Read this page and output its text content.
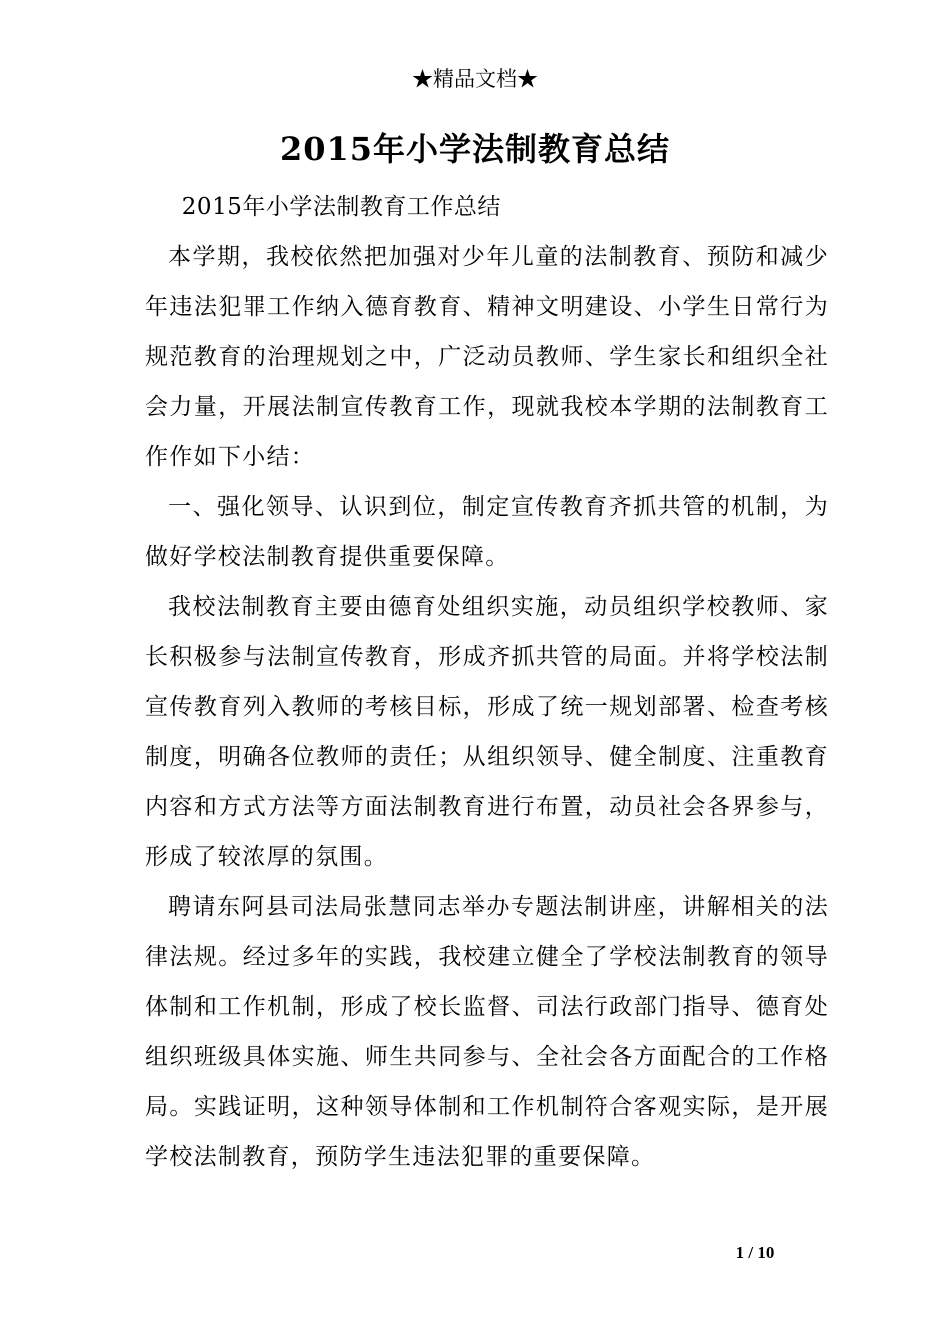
★精品文档★
2015年小学法制教育总结

2015年小学法制教育工作总结

本学期，我校依然把加强对少年儿童的法制教育、预防和减少年违法犯罪工作纳入德育教育、精神文明建设、小学生日常行为规范教育的治理规划之中，广泛动员教师、学生家长和组织全社会力量，开展法制宣传教育工作，现就我校本学期的法制教育工作作如下小结：

一、强化领导、认识到位，制定宣传教育齐抓共管的机制，为做好学校法制教育提供重要保障。

我校法制教育主要由德育处组织实施，动员组织学校教师、家长积极参与法制宣传教育，形成齐抓共管的局面。并将学校法制宣传教育列入教师的考核目标，形成了统一规划部署、检查考核制度，明确各位教师的责任；从组织领导、健全制度、注重教育内容和方式方法等方面法制教育进行布置，动员社会各界参与，形成了较浓厚的氛围。

聘请东阿县司法局张慧同志举办专题法制讲座，讲解相关的法律法规。经过多年的实践，我校建立健全了学校法制教育的领导体制和工作机制，形成了校长监督、司法行政部门指导、德育处组织班级具体实施、师生共同参与、全社会各方面配合的工作格局。实践证明，这种领导体制和工作机制符合客观实际，是开展学校法制教育，预防学生违法犯罪的重要保障。

1 / 10
